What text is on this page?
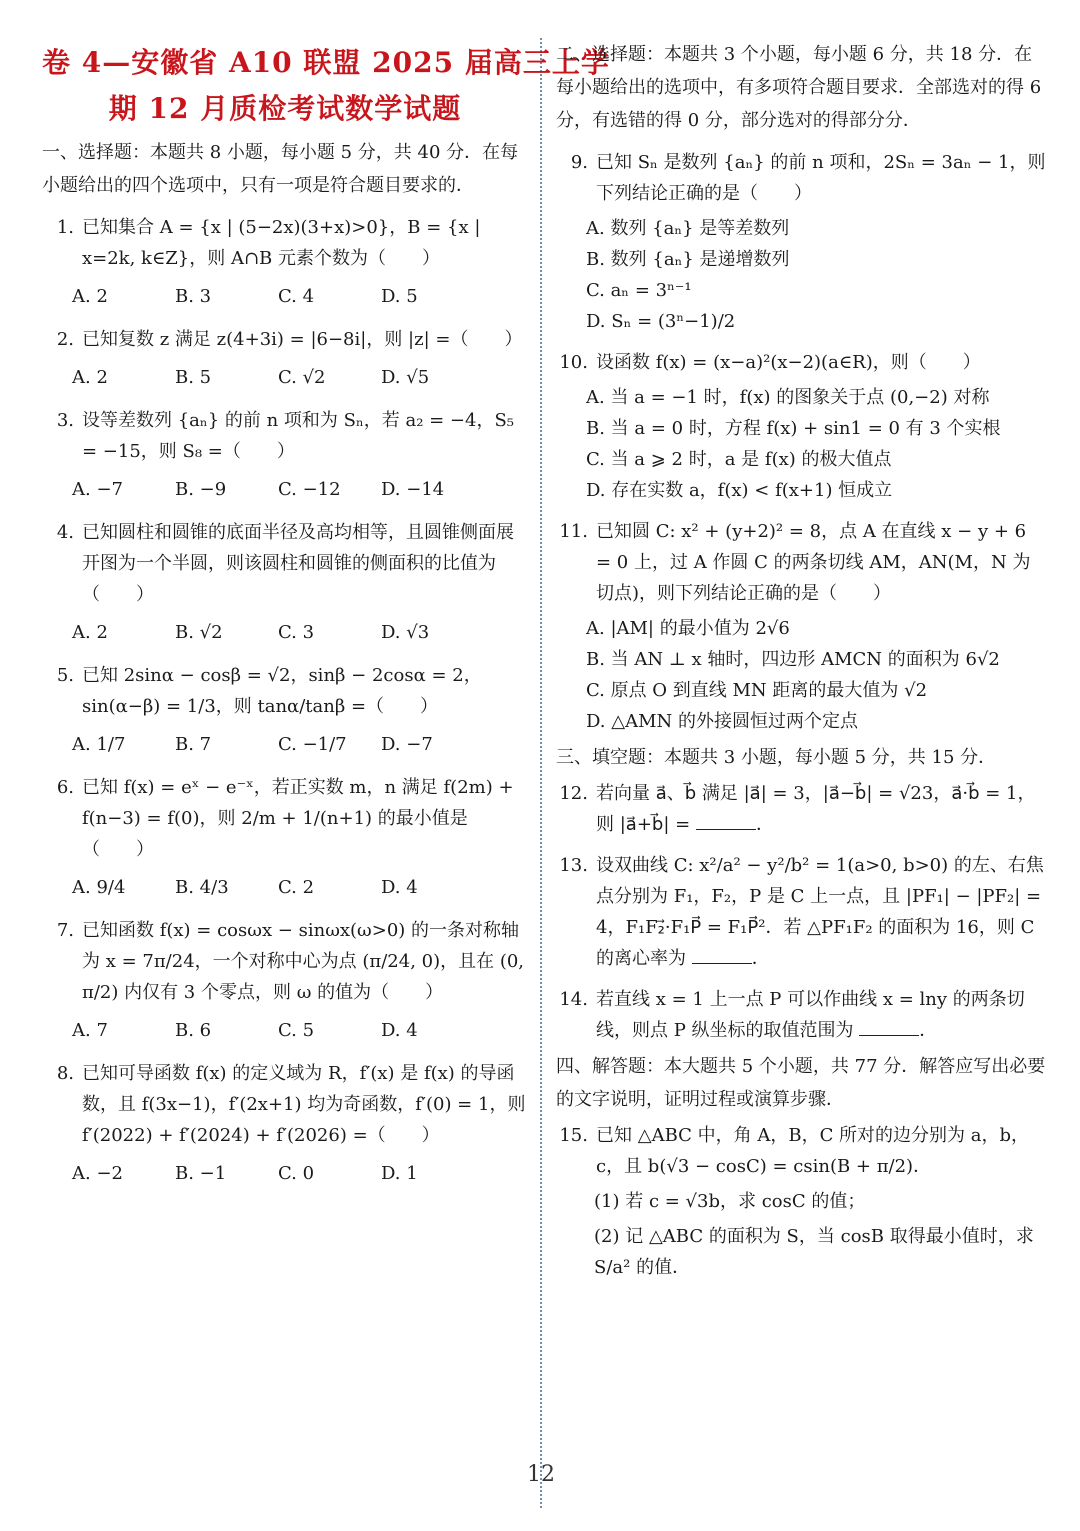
卷 4—安徽省 A10 联盟 2025 届高三上学
期 12 月质检考试数学试题
一、选择题：本题共 8 小题，每小题 5 分，共 40 分．在每小题给出的四个选项中，只有一项是符合题目要求的．
1. 已知集合 A = {x | (5−2x)(3+x)>0}，B = {x | x=2k, k∈Z}，则 A∩B 元素个数为（　　）
A. 2	B. 3	C. 4	D. 5
2. 已知复数 z 满足 z(4+3i) = |6−8i|，则 |z| =（　　）
A. 2	B. 5	C. √2	D. √5
3. 设等差数列 {aₙ} 的前 n 项和为 Sₙ，若 a₂ = −4，S₅ = −15，则 S₈ =（　　）
A. −7	B. −9	C. −12	D. −14
4. 已知圆柱和圆锥的底面半径及高均相等，且圆锥侧面展开图为一个半圆，则该圆柱和圆锥的侧面积的比值为（　　）
A. 2	B. √2	C. 3	D. √3
5. 已知 2sinα − cosβ = √2，sinβ − 2cosα = 2，sin(α−β) = 1/3，则 tanα/tanβ =（　　）
A. 1/7	B. 7	C. −1/7	D. −7
6. 已知 f(x) = eˣ − e⁻ˣ，若正实数 m，n 满足 f(2m) + f(n−3) = f(0)，则 2/m + 1/(n+1) 的最小值是（　　）
A. 9/4	B. 4/3	C. 2	D. 4
7. 已知函数 f(x) = cosωx − sinωx(ω>0) 的一条对称轴为 x = 7π/24，一个对称中心为点 (π/24, 0)，且在 (0, π/2) 内仅有 3 个零点，则 ω 的值为（　　）
A. 7	B. 6	C. 5	D. 4
8. 已知可导函数 f(x) 的定义域为 R，f′(x) 是 f(x) 的导函数，且 f(3x−1)，f′(2x+1) 均为奇函数，f′(0) = 1，则 f′(2022) + f′(2024) + f′(2026) =（　　）
A. −2	B. −1	C. 0	D. 1
二、选择题：本题共 3 个小题，每小题 6 分，共 18 分．在每小题给出的选项中，有多项符合题目要求．全部选对的得 6 分，有选错的得 0 分，部分选对的得部分分．
9. 已知 Sₙ 是数列 {aₙ} 的前 n 项和，2Sₙ = 3aₙ − 1，则下列结论正确的是（　　）
A. 数列 {aₙ} 是等差数列
B. 数列 {aₙ} 是递增数列
C. aₙ = 3ⁿ⁻¹
D. Sₙ = (3ⁿ−1)/2
10. 设函数 f(x) = (x−a)²(x−2)(a∈R)，则（　　）
A. 当 a = −1 时，f(x) 的图象关于点 (0,−2) 对称
B. 当 a = 0 时，方程 f(x) + sin1 = 0 有 3 个实根
C. 当 a ⩾ 2 时，a 是 f(x) 的极大值点
D. 存在实数 a，f(x) < f(x+1) 恒成立
11. 已知圆 C: x² + (y+2)² = 8，点 A 在直线 x − y + 6 = 0 上，过 A 作圆 C 的两条切线 AM，AN(M，N 为切点)，则下列结论正确的是（　　）
A. |AM| 的最小值为 2√6
B. 当 AN ⊥ x 轴时，四边形 AMCN 的面积为 6√2
C. 原点 O 到直线 MN 距离的最大值为 √2
D. △AMN 的外接圆恒过两个定点
三、填空题：本题共 3 小题，每小题 5 分，共 15 分．
12. 若向量 a⃗、b⃗ 满足 |a⃗| = 3，|a⃗−b⃗| = √23，a⃗·b⃗ = 1，则 |a⃗+b⃗| =	．
13. 设双曲线 C: x²/a² − y²/b² = 1(a>0, b>0) 的左、右焦点分别为 F₁，F₂，P 是 C 上一点，且 |PF₁| − |PF₂| = 4，F₁F₂⃗·F₁P⃗ = F₁P⃗²．若 △PF₁F₂ 的面积为 16，则 C 的离心率为	．
14. 若直线 x = 1 上一点 P 可以作曲线 x = lny 的两条切线，则点 P 纵坐标的取值范围为	．
四、解答题：本大题共 5 个小题，共 77 分．解答应写出必要的文字说明，证明过程或演算步骤．
15. 已知 △ABC 中，角 A，B，C 所对的边分别为 a，b，c，且 b(√3 − cosC) = csin(B + π/2)．
(1) 若 c = √3b，求 cosC 的值；
(2) 记 △ABC 的面积为 S，当 cosB 取得最小值时，求 S/a² 的值．
12
